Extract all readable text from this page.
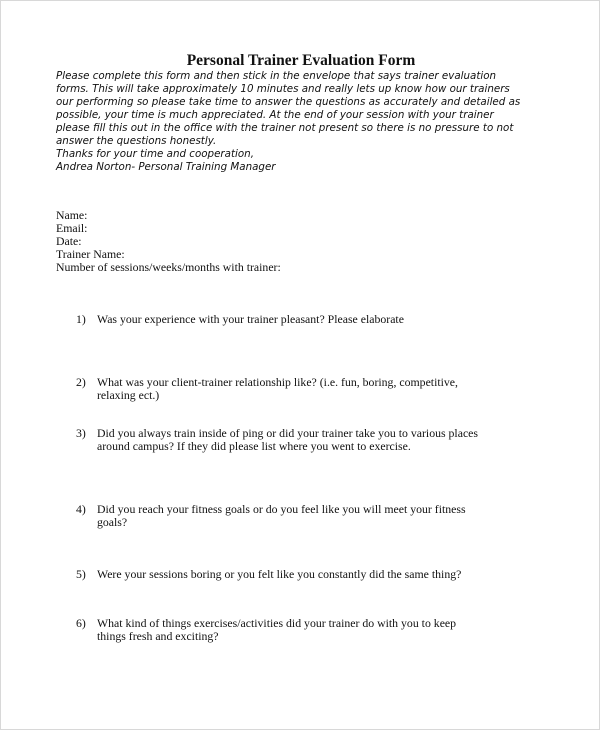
Personal Trainer Evaluation Form
Please complete this form and then stick in the envelope that says trainer evaluation
forms. This will take approximately 10 minutes and really lets up know how our trainers
our performing so please take time to answer the questions as accurately and detailed as
possible, your time is much appreciated. At the end of your session with your trainer
please fill this out in the office with the trainer not present so there is no pressure to not
answer the questions honestly.
Thanks for your time and cooperation,
Andrea Norton- Personal Training Manager
Name:
Email:
Date:
Trainer Name:
Number of sessions/weeks/months with trainer:
1) Was your experience with your trainer pleasant? Please elaborate
2) What was your client-trainer relationship like? (i.e. fun, boring, competitive,
relaxing ect.)
3) Did you always train inside of ping or did your trainer take you to various places
around campus? If they did please list where you went to exercise.
4) Did you reach your fitness goals or do you feel like you will meet your fitness
goals?
5) Were your sessions boring or you felt like you constantly did the same thing?
6) What kind of things exercises/activities did your trainer do with you to keep
things fresh and exciting?
